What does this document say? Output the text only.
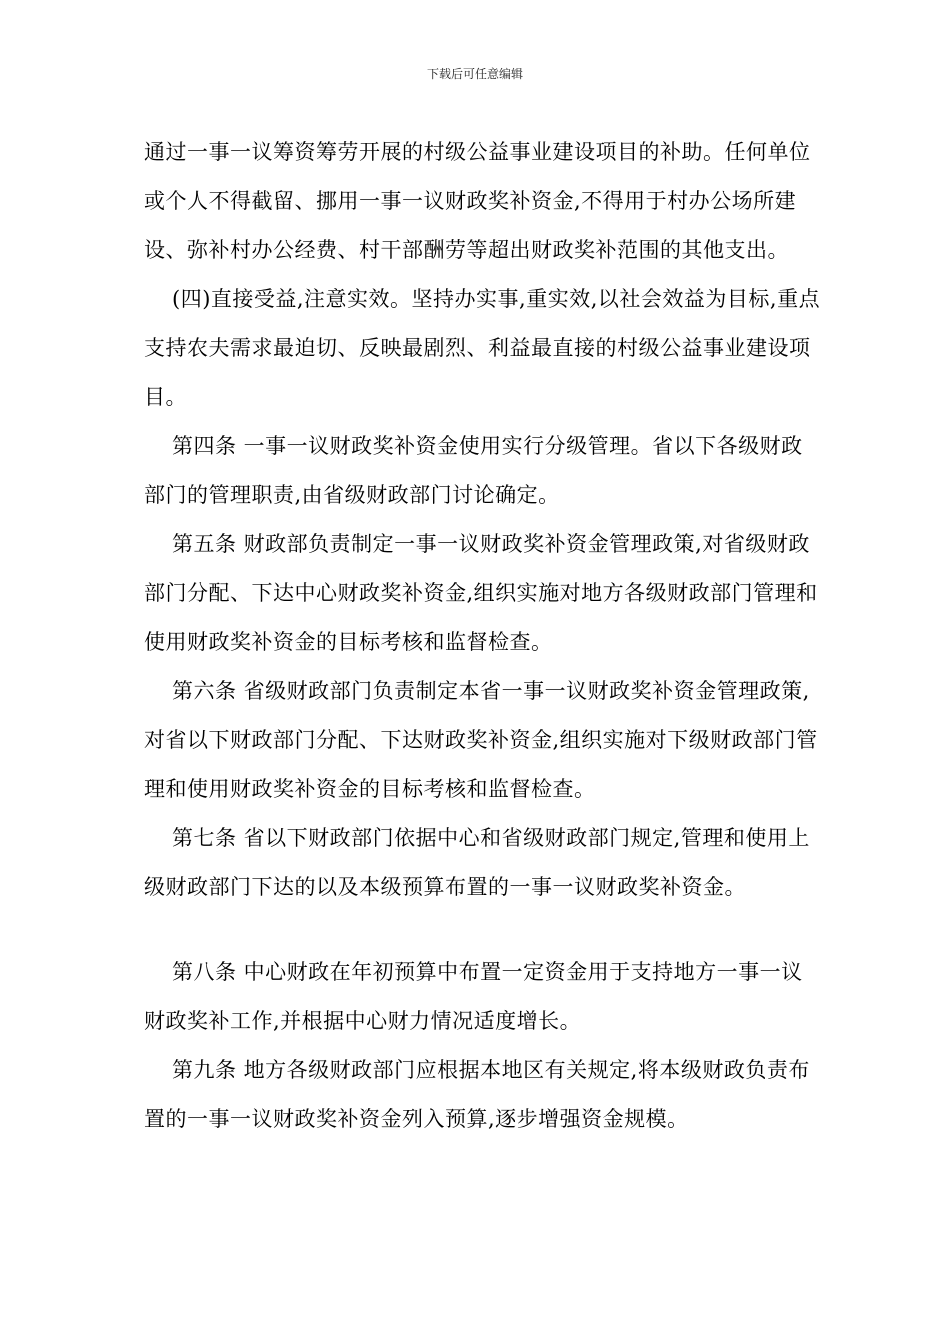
下载后可任意编辑

通过一事一议筹资筹劳开展的村级公益事业建设项目的补助。任何单位或个人不得截留、挪用一事一议财政奖补资金,不得用于村办公场所建设、弥补村办公经费、村干部酬劳等超出财政奖补范围的其他支出。

(四)直接受益,注意实效。坚持办实事,重实效,以社会效益为目标,重点支持农夫需求最迫切、反映最剧烈、利益最直接的村级公益事业建设项目。

第四条 一事一议财政奖补资金使用实行分级管理。省以下各级财政部门的管理职责,由省级财政部门讨论确定。

第五条 财政部负责制定一事一议财政奖补资金管理政策,对省级财政部门分配、下达中心财政奖补资金,组织实施对地方各级财政部门管理和使用财政奖补资金的目标考核和监督检查。

第六条 省级财政部门负责制定本省一事一议财政奖补资金管理政策,对省以下财政部门分配、下达财政奖补资金,组织实施对下级财政部门管理和使用财政奖补资金的目标考核和监督检查。

第七条 省以下财政部门依据中心和省级财政部门规定,管理和使用上级财政部门下达的以及本级预算布置的一事一议财政奖补资金。

第八条 中心财政在年初预算中布置一定资金用于支持地方一事一议财政奖补工作,并根据中心财力情况适度增长。

第九条 地方各级财政部门应根据本地区有关规定,将本级财政负责布置的一事一议财政奖补资金列入预算,逐步增强资金规模。
